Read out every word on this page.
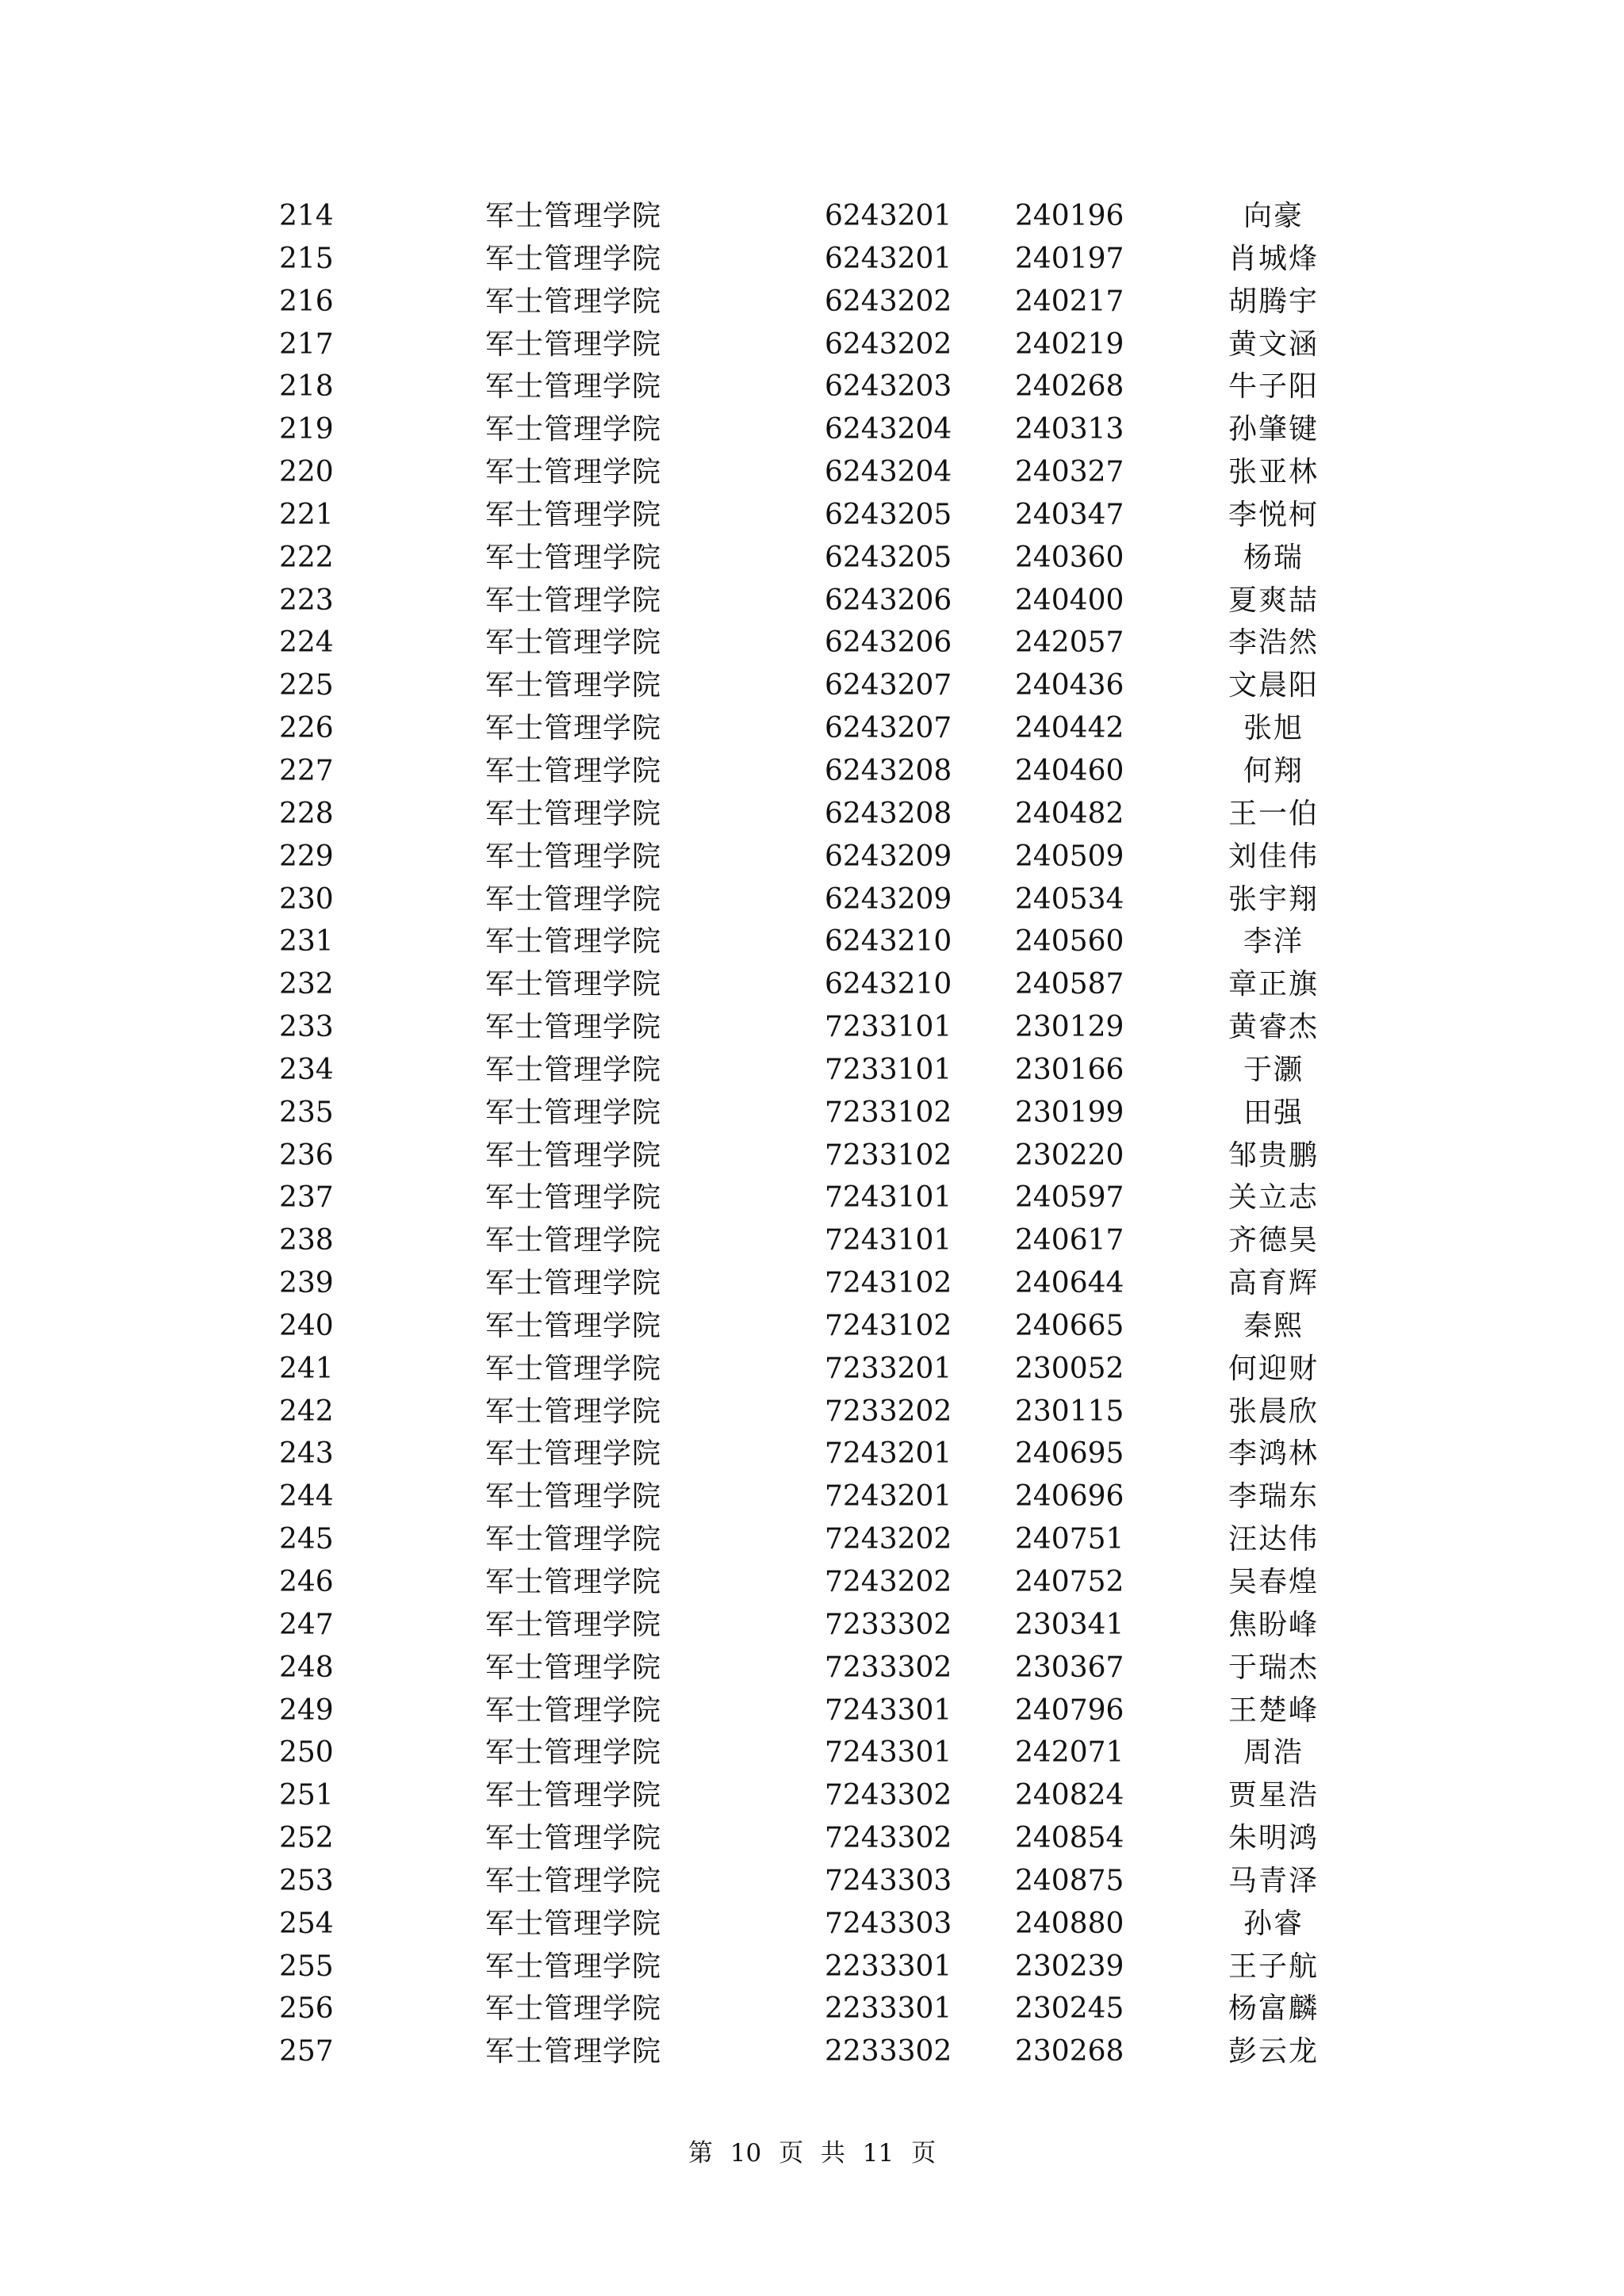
214	军士管理学院	6243201 240196	向豪
215	军士管理学院	6243201 240197	肖城烽
216	军士管理学院	6243202 240217	胡腾宇
217	军士管理学院	6243202 240219	黄文涵
218	军士管理学院	6243203 240268	牛子阳
219	军士管理学院	6243204 240313	孙肇键
220	军士管理学院	6243204 240327	张亚林
221	军士管理学院	6243205 240347	李悦柯
222	军士管理学院	6243205 240360	杨瑞
223	军士管理学院	6243206 240400	夏爽喆
224	军士管理学院	6243206 242057	李浩然
225	军士管理学院	6243207 240436	文晨阳
226	军士管理学院	6243207 240442	张旭
227	军士管理学院	6243208 240460	何翔
228	军士管理学院	6243208 240482	王一伯
229	军士管理学院	6243209 240509	刘佳伟
230	军士管理学院	6243209 240534	张宇翔
231	军士管理学院	6243210 240560	李洋
232	军士管理学院	6243210 240587	章正旗
233	军士管理学院	7233101 230129	黄睿杰
234	军士管理学院	7233101 230166	于灏
235	军士管理学院	7233102 230199	田强
236	军士管理学院	7233102 230220	邹贵鹏
237	军士管理学院	7243101 240597	关立志
238	军士管理学院	7243101 240617	齐德昊
239	军士管理学院	7243102 240644	高育辉
240	军士管理学院	7243102 240665	秦熙
241	军士管理学院	7233201 230052	何迎财
242	军士管理学院	7233202 230115	张晨欣
243	军士管理学院	7243201 240695	李鸿林
244	军士管理学院	7243201 240696	李瑞东
245	军士管理学院	7243202 240751	汪达伟
246	军士管理学院	7243202 240752	吴春煌
247	军士管理学院	7233302 230341	焦盼峰
248	军士管理学院	7233302 230367	于瑞杰
249	军士管理学院	7243301 240796	王楚峰
250	军士管理学院	7243301 242071	周浩
251	军士管理学院	7243302 240824	贾星浩
252	军士管理学院	7243302 240854	朱明鸿
253	军士管理学院	7243303 240875	马青泽
254	军士管理学院	7243303 240880	孙睿
255	军士管理学院	2233301 230239	王子航
256	军士管理学院	2233301 230245	杨富麟
257	军士管理学院	2233302 230268	彭云龙
第 10 页 共 11 页
